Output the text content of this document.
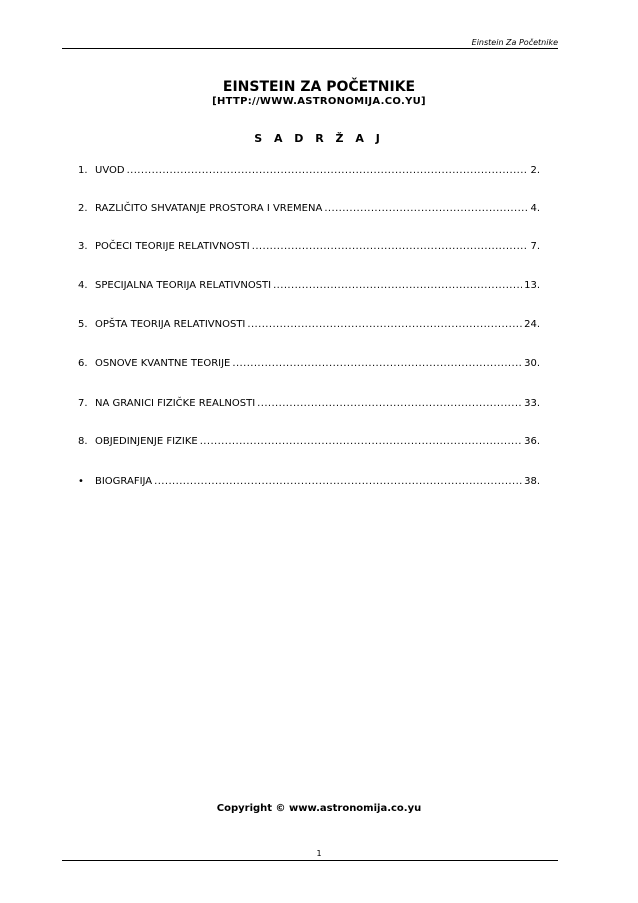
Einstein Za Početnike
EINSTEIN ZA POČETNIKE
[HTTP://WWW.ASTRONOMIJA.CO.YU]
S A D R Ž A J
1. UVOD .....	2.
2. RAZLIČITO SHVATANJE PROSTORA I VREMENA .....	4.
3. POČECI TEORIJE RELATIVNOSTI .....	7.
4. SPECIJALNA TEORIJA RELATIVNOSTI .....	13.
5. OPŠTA TEORIJA RELATIVNOSTI .....	24.
6. OSNOVE KVANTNE TEORIJE .....	30.
7. NA GRANICI FIZIČKE REALNOSTI .....	33.
8. OBJEDINJENJE FIZIKE .....	36.
•	BIOGRAFIJA .....	38.
Copyright © www.astronomija.co.yu
1
